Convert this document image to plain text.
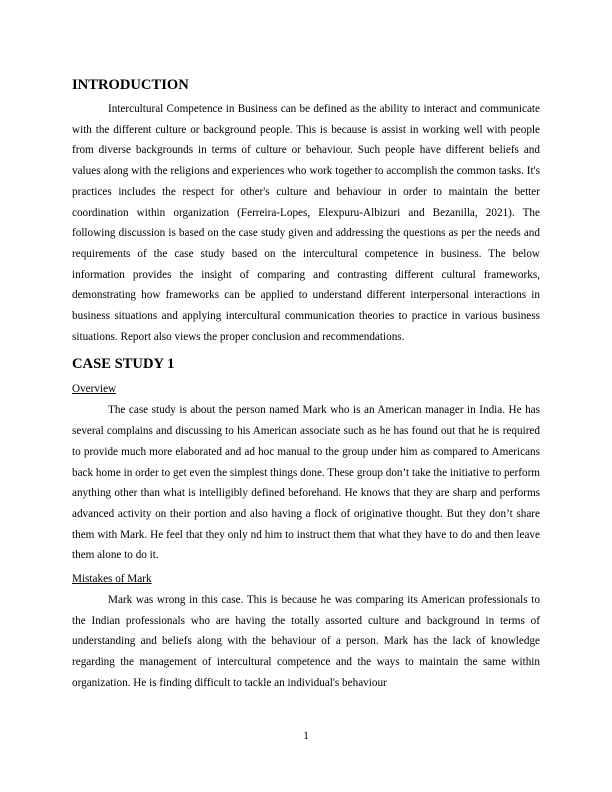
INTRODUCTION

Intercultural Competence in Business can be defined as the ability to interact and communicate with the different culture or background people. This is because is assist in working well with people from diverse backgrounds in terms of culture or behaviour. Such people have different beliefs and values along with the religions and experiences who work together to accomplish the common tasks. It's practices includes the respect for other's culture and behaviour in order to maintain the better coordination within organization (Ferreira-Lopes, Elexpuru-Albizuri and Bezanilla, 2021). The following discussion is based on the case study given and addressing the questions as per the needs and requirements of the case study based on the intercultural competence in business. The below information provides the insight of comparing and contrasting different cultural frameworks, demonstrating how frameworks can be applied to understand different interpersonal interactions in business situations and applying intercultural communication theories to practice in various business situations. Report also views the proper conclusion and recommendations.

CASE STUDY 1
Overview

The case study is about the person named Mark who is an American manager in India. He has several complains and discussing to his American associate such as he has found out that he is required to provide much more elaborated and ad hoc manual to the group under him as compared to Americans back home in order to get even the simplest things done. These group don’t take the initiative to perform anything other than what is intelligibly defined beforehand. He knows that they are sharp and performs advanced activity on their portion and also having a flock of originative thought. But they don’t share them with Mark. He feel that they only nd him to instruct them that what they have to do and then leave them alone to do it.

Mistakes of Mark

Mark was wrong in this case. This is because he was comparing its American professionals to the Indian professionals who are having the totally assorted culture and background in terms of understanding and beliefs along with the behaviour of a person. Mark has the lack of knowledge regarding the management of intercultural competence and the ways to maintain the same within organization. He is finding difficult to tackle an individual's behaviour

1
